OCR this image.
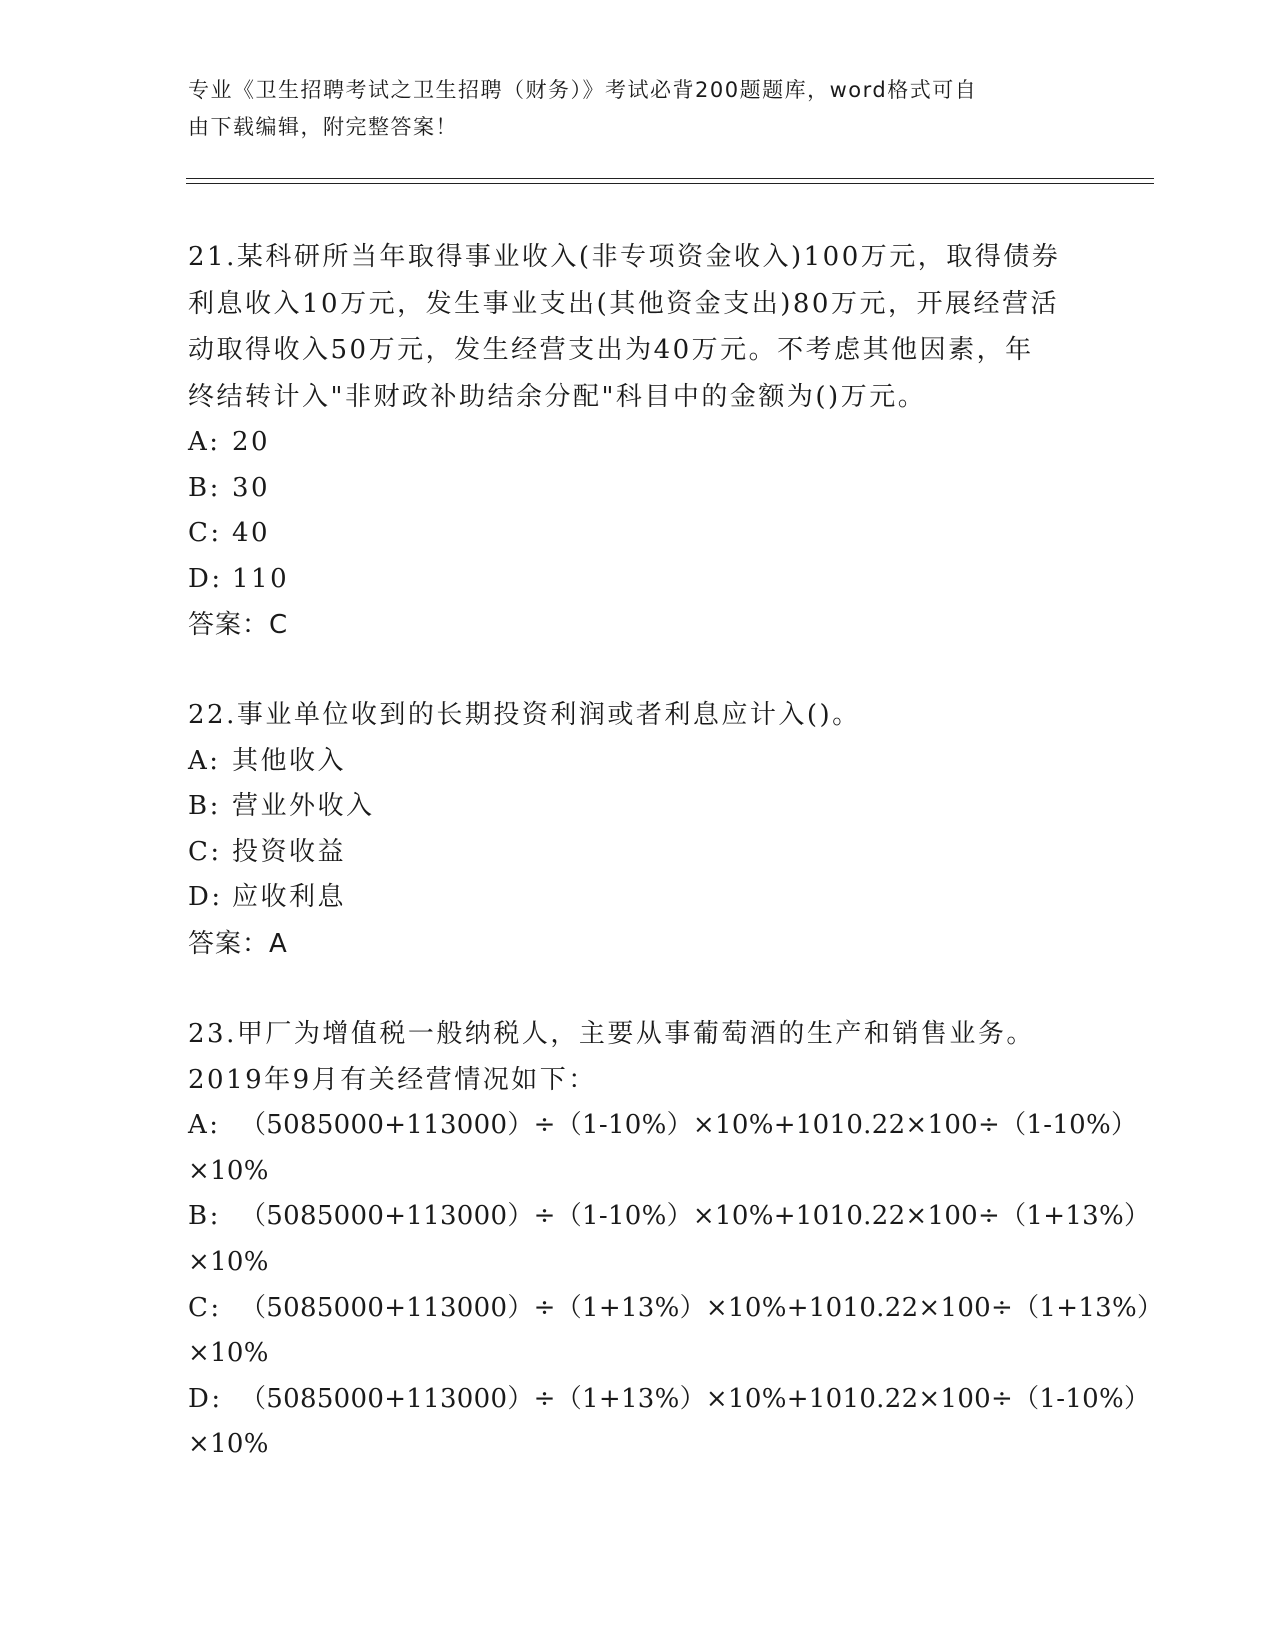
专业《卫生招聘考试之卫生招聘（财务）》考试必背200题题库，word格式可自
由下载编辑，附完整答案！
21.某科研所当年取得事业收入(非专项资金收入)100万元，取得债券
利息收入10万元，发生事业支出(其他资金支出)80万元，开展经营活
动取得收入50万元，发生经营支出为40万元。不考虑其他因素，年
终结转计入"非财政补助结余分配"科目中的金额为()万元。
A: 20
B: 30
C: 40
D: 110
答案：C
22.事业单位收到的长期投资利润或者利息应计入()。
A: 其他收入
B: 营业外收入
C: 投资收益
D: 应收利息
答案：A
23.甲厂为增值税一般纳税人，主要从事葡萄酒的生产和销售业务。
2019年9月有关经营情况如下：
A: （5085000+113000）÷（1-10%）×10%+1010.22×100÷（1-10%）
×10%
B: （5085000+113000）÷（1-10%）×10%+1010.22×100÷（1+13%）
×10%
C: （5085000+113000）÷（1+13%）×10%+1010.22×100÷（1+13%）
×10%
D: （5085000+113000）÷（1+13%）×10%+1010.22×100÷（1-10%）
×10%
